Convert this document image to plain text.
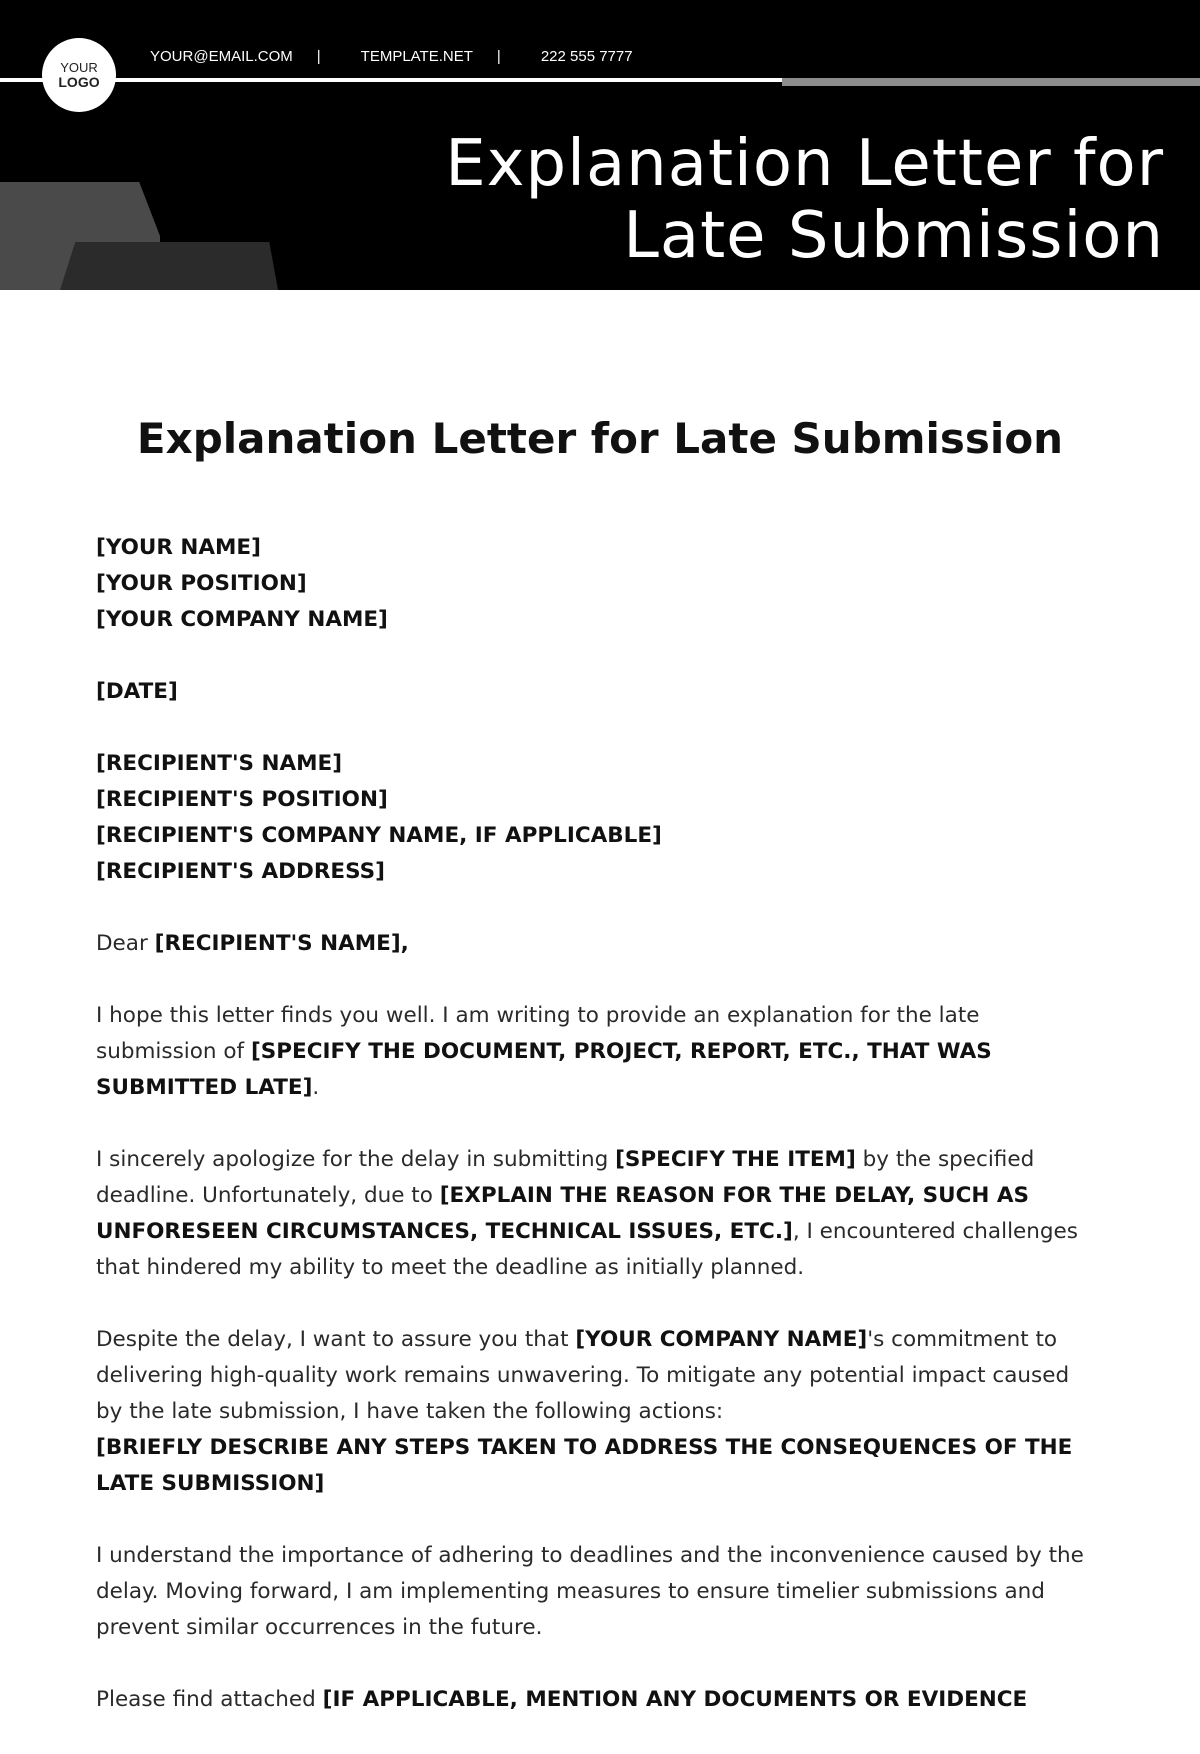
YOUR
LOGO
YOUR@EMAIL.COM |	TEMPLATE.NET |	222 555 7777
Explanation Letter for
Late Submission
Explanation Letter for Late Submission
[YOUR NAME]
[YOUR POSITION]
[YOUR COMPANY NAME]
[DATE]
[RECIPIENT'S NAME]
[RECIPIENT'S POSITION]
[RECIPIENT'S COMPANY NAME, IF APPLICABLE]
[RECIPIENT'S ADDRESS]

Dear [RECIPIENT'S NAME],

I hope this letter finds you well. I am writing to provide an explanation for the late submission of [SPECIFY THE DOCUMENT, PROJECT, REPORT, ETC., THAT WAS SUBMITTED LATE].

I sincerely apologize for the delay in submitting [SPECIFY THE ITEM] by the specified deadline. Unfortunately, due to [EXPLAIN THE REASON FOR THE DELAY, SUCH AS UNFORESEEN CIRCUMSTANCES, TECHNICAL ISSUES, ETC.], I encountered challenges that hindered my ability to meet the deadline as initially planned.

Despite the delay, I want to assure you that [YOUR COMPANY NAME]'s commitment to delivering high-quality work remains unwavering. To mitigate any potential impact caused by the late submission, I have taken the following actions:
[BRIEFLY DESCRIBE ANY STEPS TAKEN TO ADDRESS THE CONSEQUENCES OF THE LATE SUBMISSION]

I understand the importance of adhering to deadlines and the inconvenience caused by the delay. Moving forward, I am implementing measures to ensure timelier submissions and prevent similar occurrences in the future.

Please find attached [IF APPLICABLE, MENTION ANY DOCUMENTS OR EVIDENCE
